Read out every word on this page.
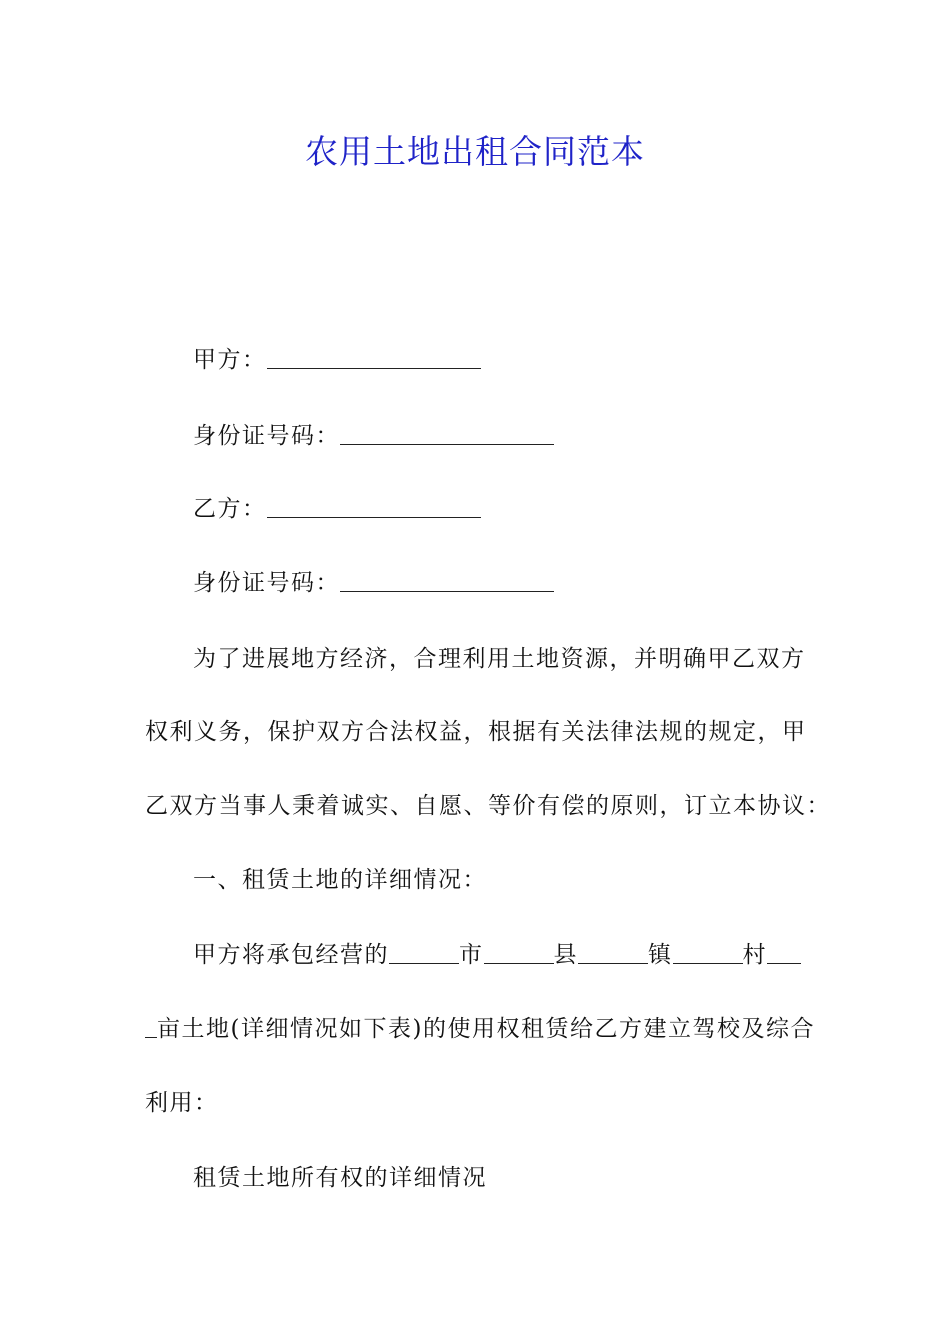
农用土地出租合同范本
甲方：
身份证号码：
乙方：
身份证号码：
为了进展地方经济，合理利用土地资源，并明确甲乙双方
权利义务，保护双方合法权益，根据有关法律法规的规定，甲
乙双方当事人秉着诚实、自愿、等价有偿的原则，订立本协议：
一、租赁土地的详细情况：
甲方将承包经营的	市	县	镇	村
亩土地(详细情况如下表)的使用权租赁给乙方建立驾校及综合
利用：
租赁土地所有权的详细情况
